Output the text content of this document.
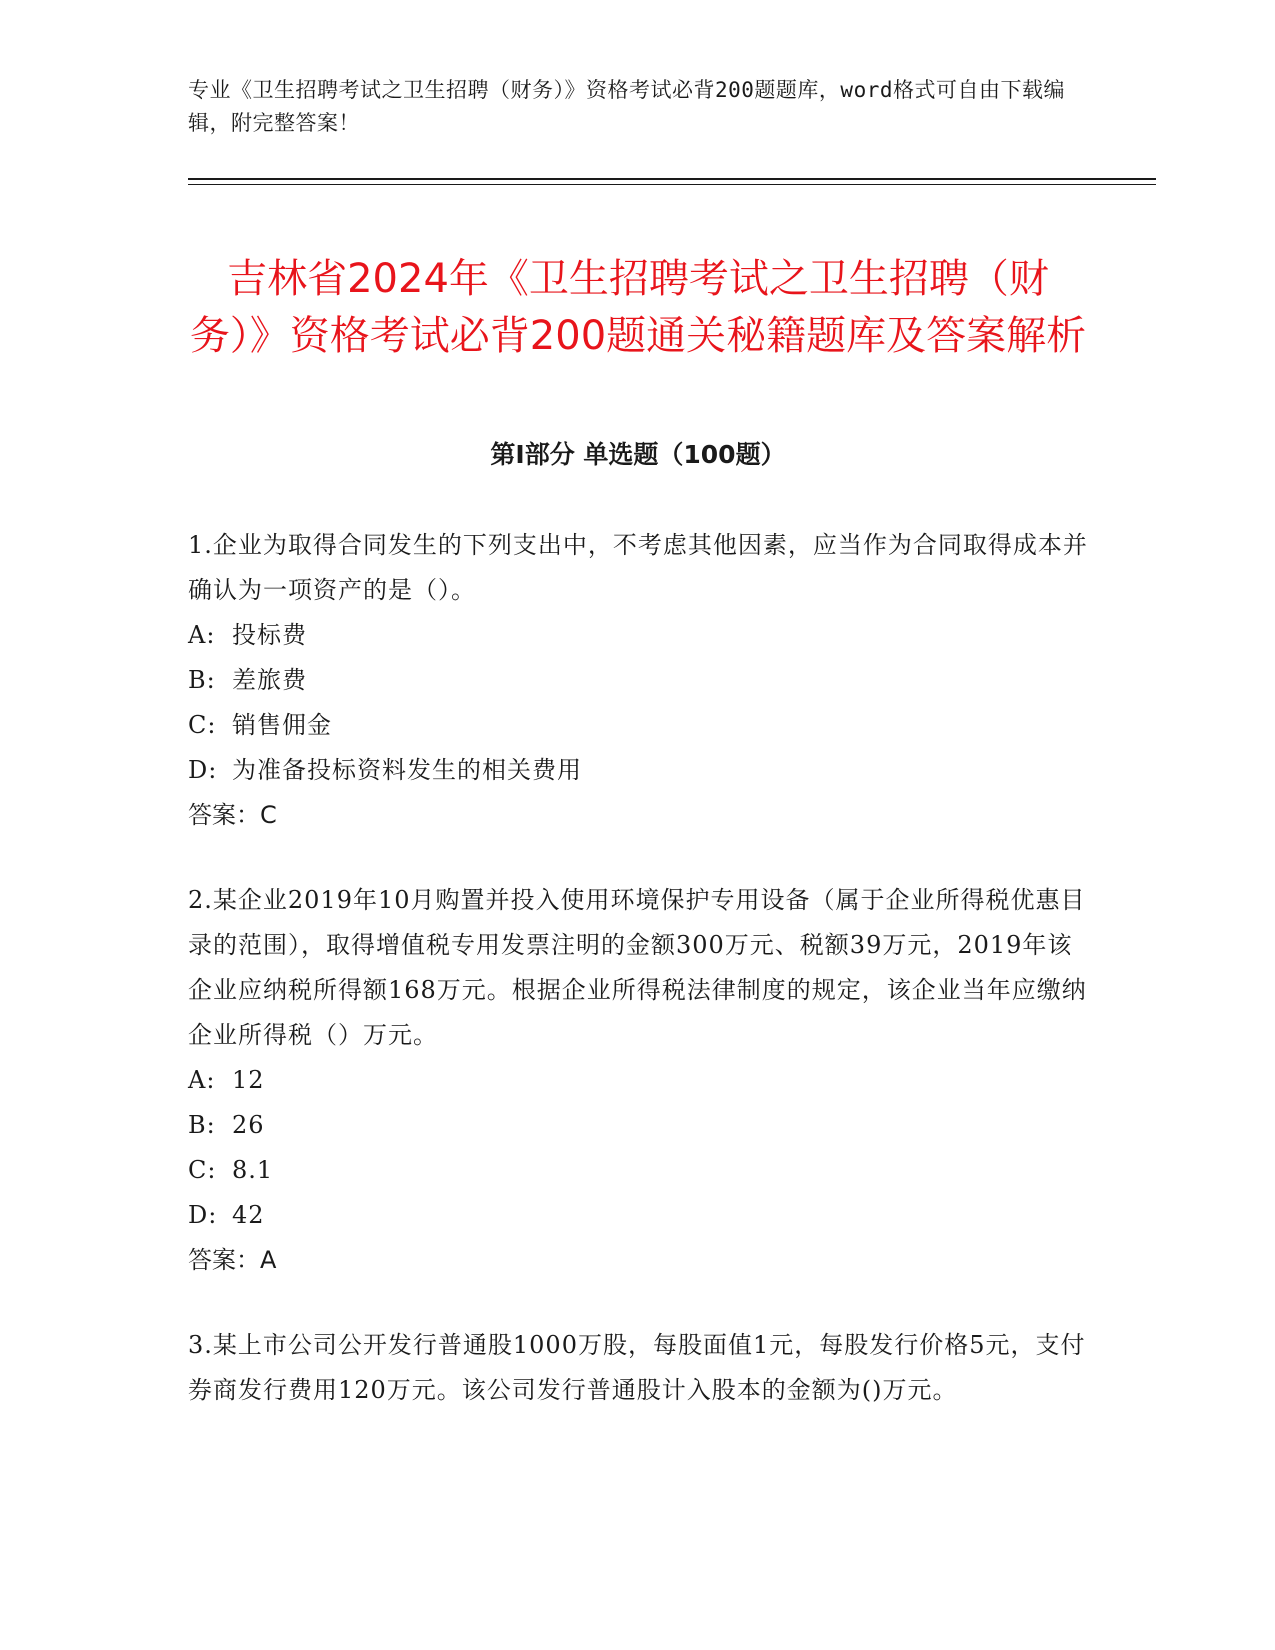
专业《卫生招聘考试之卫生招聘（财务）》资格考试必背200题题库，word格式可自由下载编辑，附完整答案！
吉林省2024年《卫生招聘考试之卫生招聘（财务）》资格考试必背200题通关秘籍题库及答案解析
第I部分 单选题（100题）

1.企业为取得合同发生的下列支出中，不考虑其他因素，应当作为合同取得成本并确认为一项资产的是（）。

A: 投标费

B: 差旅费

C: 销售佣金

D: 为准备投标资料发生的相关费用

答案：C

2.某企业2019年10月购置并投入使用环境保护专用设备（属于企业所得税优惠目录的范围），取得增值税专用发票注明的金额300万元、税额39万元，2019年该企业应纳税所得额168万元。根据企业所得税法律制度的规定，该企业当年应缴纳企业所得税（）万元。

A: 12

B: 26

C: 8.1

D: 42

答案：A

3.某上市公司公开发行普通股1000万股，每股面值1元，每股发行价格5元，支付券商发行费用120万元。该公司发行普通股计入股本的金额为()万元。
